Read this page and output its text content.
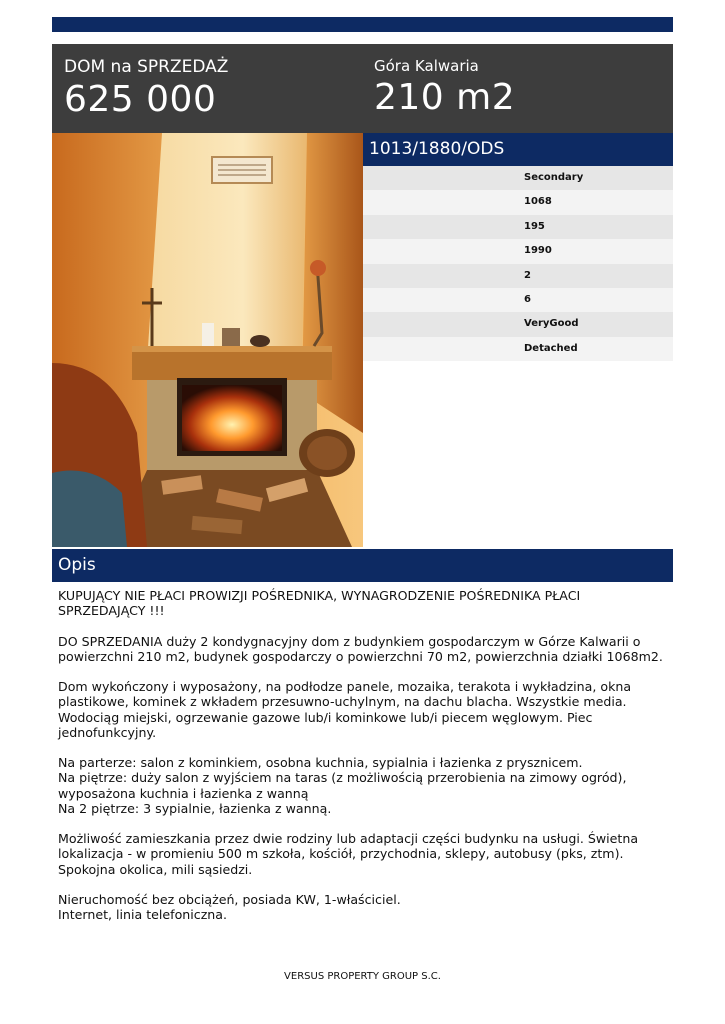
DOM na SPRZEDAŻ
625 000
Góra Kalwaria
210 m2
1013/1880/ODS
Secondary
1068
195
1990
2
6
VeryGood
Detached
Opis

KUPUJĄCY NIE PŁACI PROWIZJI POŚREDNIKA, WYNAGRODZENIE POŚREDNIKA PŁACI SPRZEDAJĄCY !!!

DO SPRZEDANIA duży 2 kondygnacyjny dom z budynkiem gospodarczym w Górze Kalwarii o powierzchni 210 m2, budynek gospodarczy o powierzchni 70 m2, powierzchnia działki 1068m2.

Dom wykończony i wyposażony, na podłodze panele, mozaika, terakota i wykładzina, okna plastikowe, kominek z wkładem przesuwno-uchylnym, na dachu blacha. Wszystkie media. Wodociąg miejski, ogrzewanie gazowe lub/i kominkowe lub/i piecem węglowym. Piec jednofunkcyjny.

Na parterze: salon z kominkiem, osobna kuchnia, sypialnia i łazienka z prysznicem.
Na piętrze: duży salon z wyjściem na taras (z możliwością przerobienia na zimowy ogród), wyposażona kuchnia i łazienka z wanną
Na 2 piętrze: 3 sypialnie, łazienka z wanną.

Możliwość zamieszkania przez dwie rodziny lub adaptacji części budynku na usługi. Świetna lokalizacja - w promieniu 500 m szkoła, kościół, przychodnia, sklepy, autobusy (pks, ztm). Spokojna okolica, mili sąsiedzi.

Nieruchomość bez obciążeń, posiada KW, 1-właściciel.
Internet, linia telefoniczna.

VERSUS PROPERTY GROUP S.C.
